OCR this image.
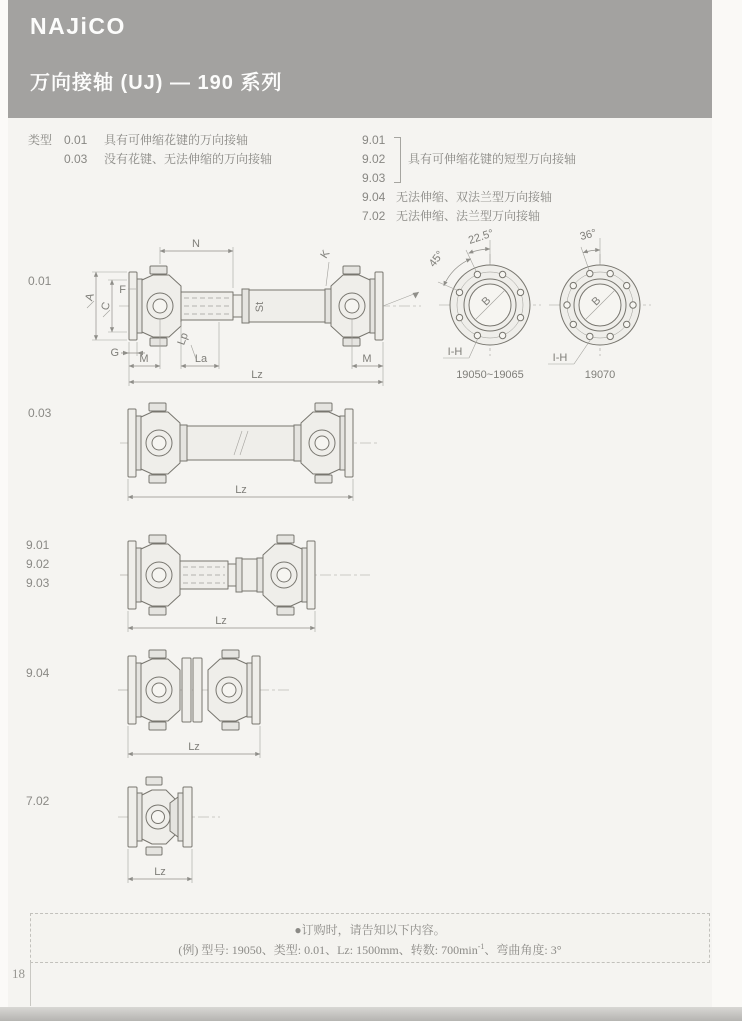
NAJiCO
万向接轴 (UJ) — 190 系列
类型 0.01 具有可伸缩花键的万向接轴
0.03 没有花键、无法伸缩的万向接轴
9.01
9.02
9.03
具有可伸缩花键的短型万向接轴
9.04 无法伸缩、双法兰型万向接轴
7.02 无法伸缩、法兰型万向接轴
0.01
0.03
9.01
9.02
9.03
9.04
7.02
N
K
A
C
F
G M	La
Lp
M
Lz
St	B
45°
22.5°
I-H
19050~19065
B
36°
I-H
19070
Lz
Lz
Lz
Lz
●订购时，请告知以下内容。
(例) 型号: 19050、类型: 0.01、Lz: 1500mm、转数: $700\min^{-1}$、弯曲角度: 3°
18
